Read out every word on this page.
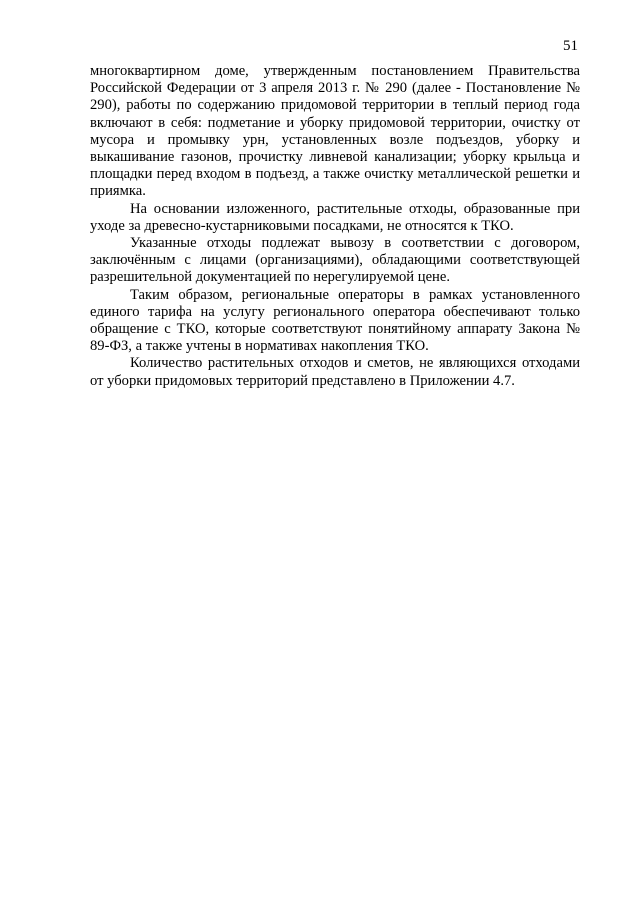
51

многоквартирном доме, утвержденным постановлением Правительства Российской Федерации от 3 апреля 2013 г. № 290 (далее - Постановление № 290), работы по содержанию придомовой территории в теплый период года включают в себя: подметание и уборку придомовой территории, очистку от мусора и промывку урн, установленных возле подъездов, уборку и выкашивание газонов, прочистку ливневой канализации; уборку крыльца и площадки перед входом в подъезд, а также очистку металлической решетки и приямка.

На основании изложенного, растительные отходы, образованные при уходе за древесно-кустарниковыми посадками, не относятся к ТКО.

Указанные отходы подлежат вывозу в соответствии с договором, заключённым с лицами (организациями), обладающими соответствующей разрешительной документацией по нерегулируемой цене.

Таким образом, региональные операторы в рамках установленного единого тарифа на услугу регионального оператора обеспечивают только обращение с ТКО, которые соответствуют понятийному аппарату Закона № 89-ФЗ, а также учтены в нормативах накопления ТКО.

Количество растительных отходов и сметов, не являющихся отходами от уборки придомовых территорий представлено в Приложении 4.7.
